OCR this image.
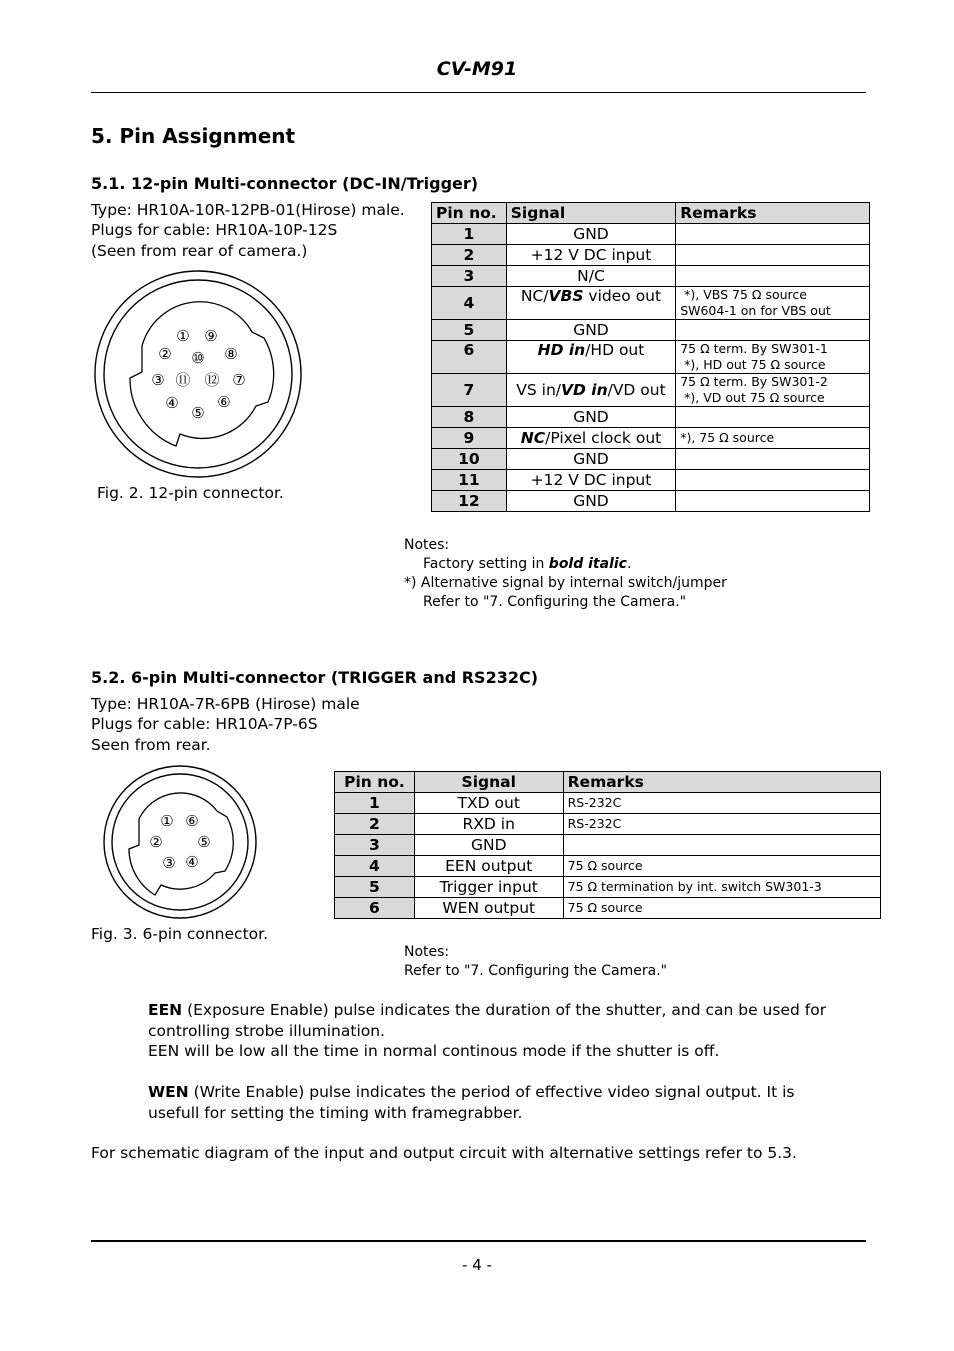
CV-M91
5. Pin Assignment
5.1. 12-pin Multi-connector (DC-IN/Trigger)
Type: HR10A-10R-12PB-01(Hirose) male.
Plugs for cable: HR10A-10P-12S
(Seen from rear of camera.)
① ⑨
② ⑩ ⑧
③ ⑪ ⑫ ⑦
④
⑤
⑥
Fig. 2. 12-pin connector.
Pin no.	Signal	Remarks
1	GND	
2	+12 V DC input	
3	N/C	
4	NC/VBS video out	*), VBS 75 Ω source
SW604-1 on for VBS out

5	GND	
6	HD in/HD out	75 Ω term. By SW301-1
*), HD out 75 Ω source

7	VS in/VD in/VD out	75 Ω term. By SW301-2
*), VD out 75 Ω source

8	GND	
9	NC/Pixel clock out	*), 75 Ω source
10	GND	
11	+12 V DC input	
12	GND	
Notes:
Factory setting in bold italic.
*) Alternative signal by internal switch/jumper
Refer to "7. Configuring the Camera."
5.2. 6-pin Multi-connector (TRIGGER and RS232C)
Type: HR10A-7R-6PB (Hirose) male
Plugs for cable: HR10A-7P-6S
Seen from rear.
① ⑥
② ⑤
③ ④
Fig. 3. 6-pin connector.
Pin no.	Signal	Remarks
1	TXD out	RS-232C
2	RXD in	RS-232C
3	GND	
4	EEN output	75 Ω source
5	Trigger input	75 Ω termination by int. switch SW301-3
6	WEN output	75 Ω source
Notes:
Refer to "7. Configuring the Camera."
EEN (Exposure Enable) pulse indicates the duration of the shutter, and can be used for controlling strobe illumination.
EEN will be low all the time in normal continous mode if the shutter is off.
WEN (Write Enable) pulse indicates the period of effective video signal output. It is usefull for setting the timing with framegrabber.
For schematic diagram of the input and output circuit with alternative settings refer to 5.3.
- 4 -
